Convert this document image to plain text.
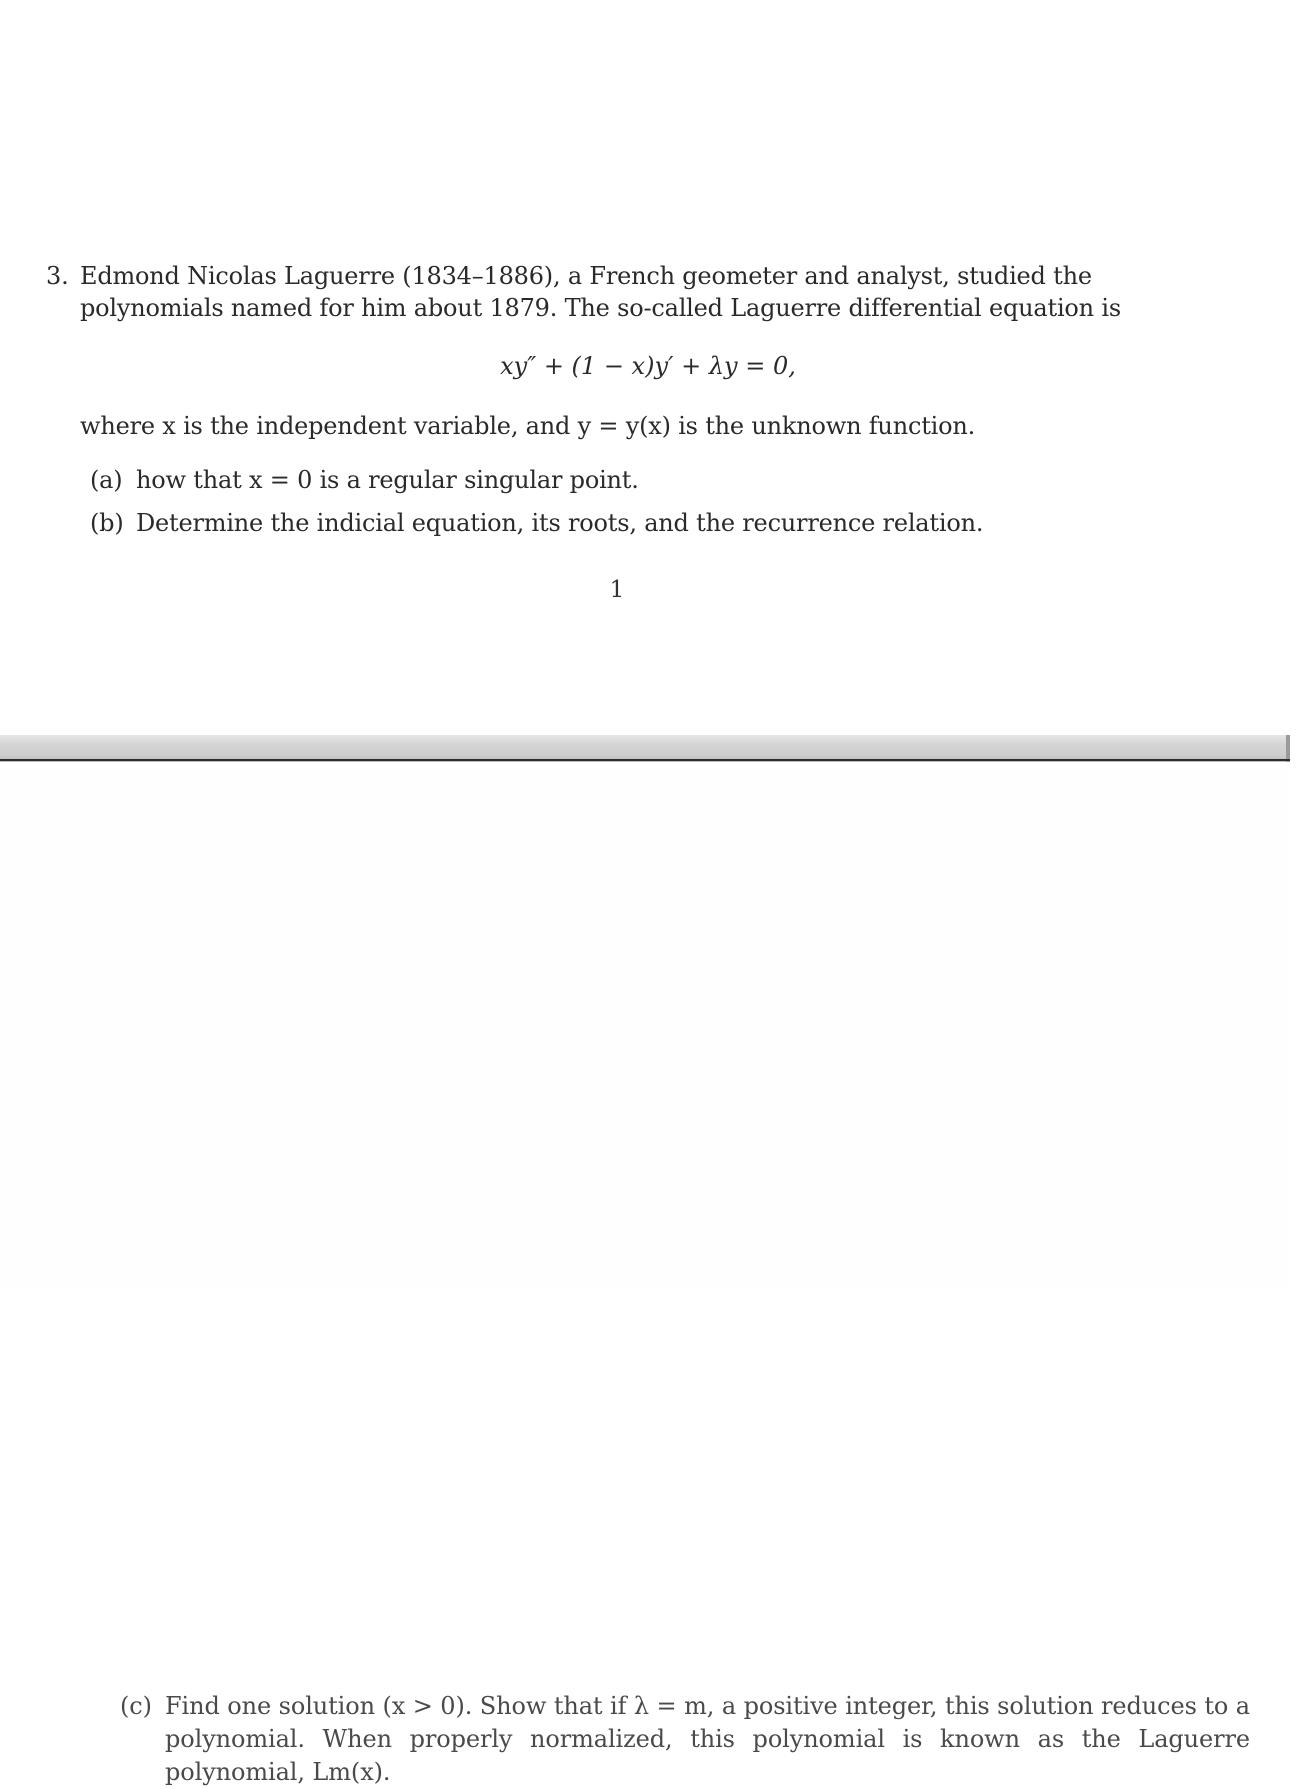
3. Edmond Nicolas Laguerre (1834–1886), a French geometer and analyst, studied the polynomials named for him about 1879. The so-called Laguerre differential equation is
xy″ + (1 − x)y′ + λy = 0,
where x is the independent variable, and y = y(x) is the unknown function.
(a) how that x = 0 is a regular singular point.
(b) Determine the indicial equation, its roots, and the recurrence relation.
1
(c) Find one solution (x > 0). Show that if λ = m, a positive integer, this solution reduces to a polynomial. When properly normalized, this polynomial is known as the Laguerre polynomial, Lm(x).
